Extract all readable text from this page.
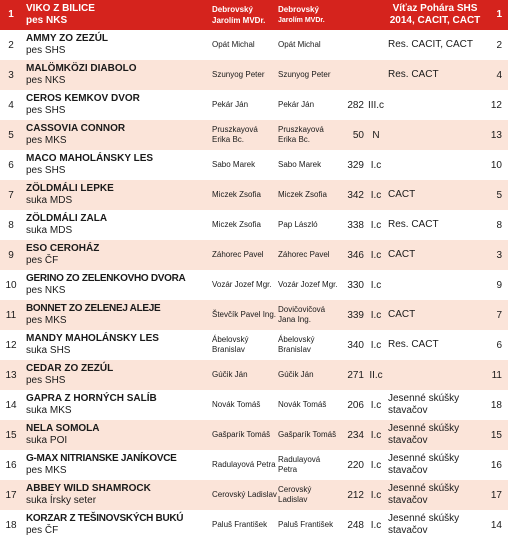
1	VIKO Z BILICE
pes NKS	Debrovský Jarolím MVDr.	Debrovský
Jarolím MVDr.			Víťaz Pohára SHS
2014, CACIT, CACT	1
2	AMMY ZO ZEZÚL
pes SHS	Opát Michal	Opát Michal			Res. CACIT, CACT	2
3	MALÖMKÖZI DIABOLO
pes NKS	Szunyog Peter	Szunyog Peter			Res. CACT	4
4	CEROS KEMKOV DVOR
pes SHS	Pekár Ján	Pekár Ján	282	III.c		12
5	CASSOVIA CONNOR
pes MKS	Pruszkayová Erika Bc.	Pruszkayová Erika Bc.	50	N		13
6	MACO MAHOLÁNSKY LES
pes SHS	Sabo Marek	Sabo Marek	329	I.c		10
7	ZÖLDMÁLI LEPKE
suka MDS	Miczek Zsofia	Miczek Zsofia	342	I.c	CACT	5
8	ZÖLDMÁLI ZALA
suka MDS	Miczek Zsofia	Pap László	338	I.c	Res. CACT	8
9	ESO CEROHÁZ
pes ČF	Záhorec Pavel	Záhorec Pavel	346	I.c	CACT	3
10	GERINO ZO ZELENKOVHO DVORA
pes NKS	Vozár Jozef Mgr.	Vozár Jozef Mgr.	330	I.c		9
11	BONNET ZO ZELENEJ ALEJE
pes MKS	Števčík Pavel Ing.	Dovičovičová Jana Ing.	339	I.c	CACT	7
12	MANDY MAHOLÁNSKY LES
suka SHS	Ábelovský Branislav	Ábelovský Branislav	340	I.c	Res. CACT	6
13	CEDAR ZO ZEZÚL
pes SHS	Gúčik Ján	Gúčik Ján	271	II.c		11
14	GAPRA Z HORNÝCH SALÍB
suka MKS	Novák Tomáš	Novák Tomáš	206	I.c	Jesenné skúšky stavačov	18
15	NELA SOMOLA
suka POI	Gašparík Tomáš	Gašparík Tomáš	234	I.c	Jesenné skúšky stavačov	15
16	G-MAX NITRIANSKE JANÍKOVCE
pes MKS	Radulayová Petra	Radulayová Petra	220	I.c	Jesenné skúšky stavačov	16
17	ABBEY WILD SHAMROCK
suka Írsky seter	Cerovský Ladislav	Cerovský Ladislav	212	I.c	Jesenné skúšky stavačov	17
18	KORZAR Z TEŠINOVSKÝCH BUKÚ
pes ČF	Paluš František	Paluš František	248	I.c	Jesenné skúšky stavačov	14
